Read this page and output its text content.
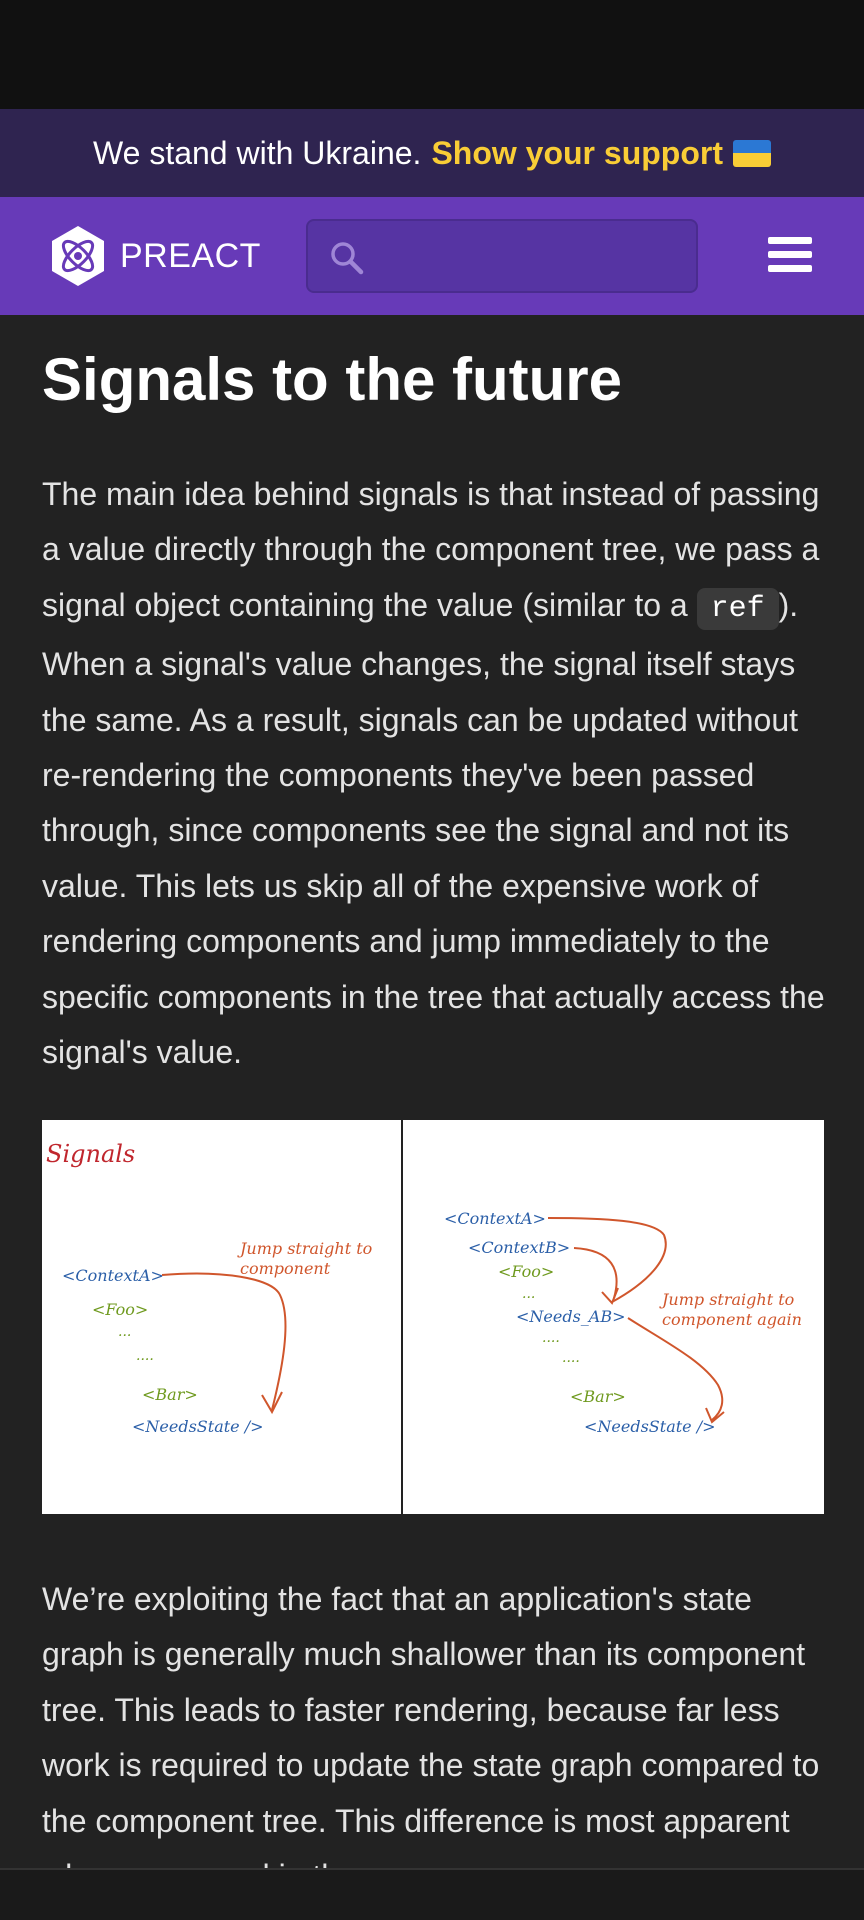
We stand with Ukraine. Show your support
PREACT
Signals to the future

The main idea behind signals is that instead of passing a value directly through the component tree, we pass a signal object containing the value (similar to a ref ). When a signal's value changes, the signal itself stays the same. As a result, signals can be updated without re-rendering the components they've been passed through, since components see the signal and not its value. This lets us skip all of the expensive work of rendering components and jump immediately to the specific components in the tree that actually access the signal's value.

Signals
Jump straight to
component
<ContextA>
<Foo>
...
....
<Bar>
<NeedsState />
<ContextA>
<ContextB>
<Foo>
...
<Needs_AB>
....
....
Jump straight to
component again
<Bar>
<NeedsState />

We’re exploiting the fact that an application's state graph is generally much shallower than its component tree. This leads to faster rendering, because far less work is required to update the state graph compared to the component tree. This difference is most apparent
